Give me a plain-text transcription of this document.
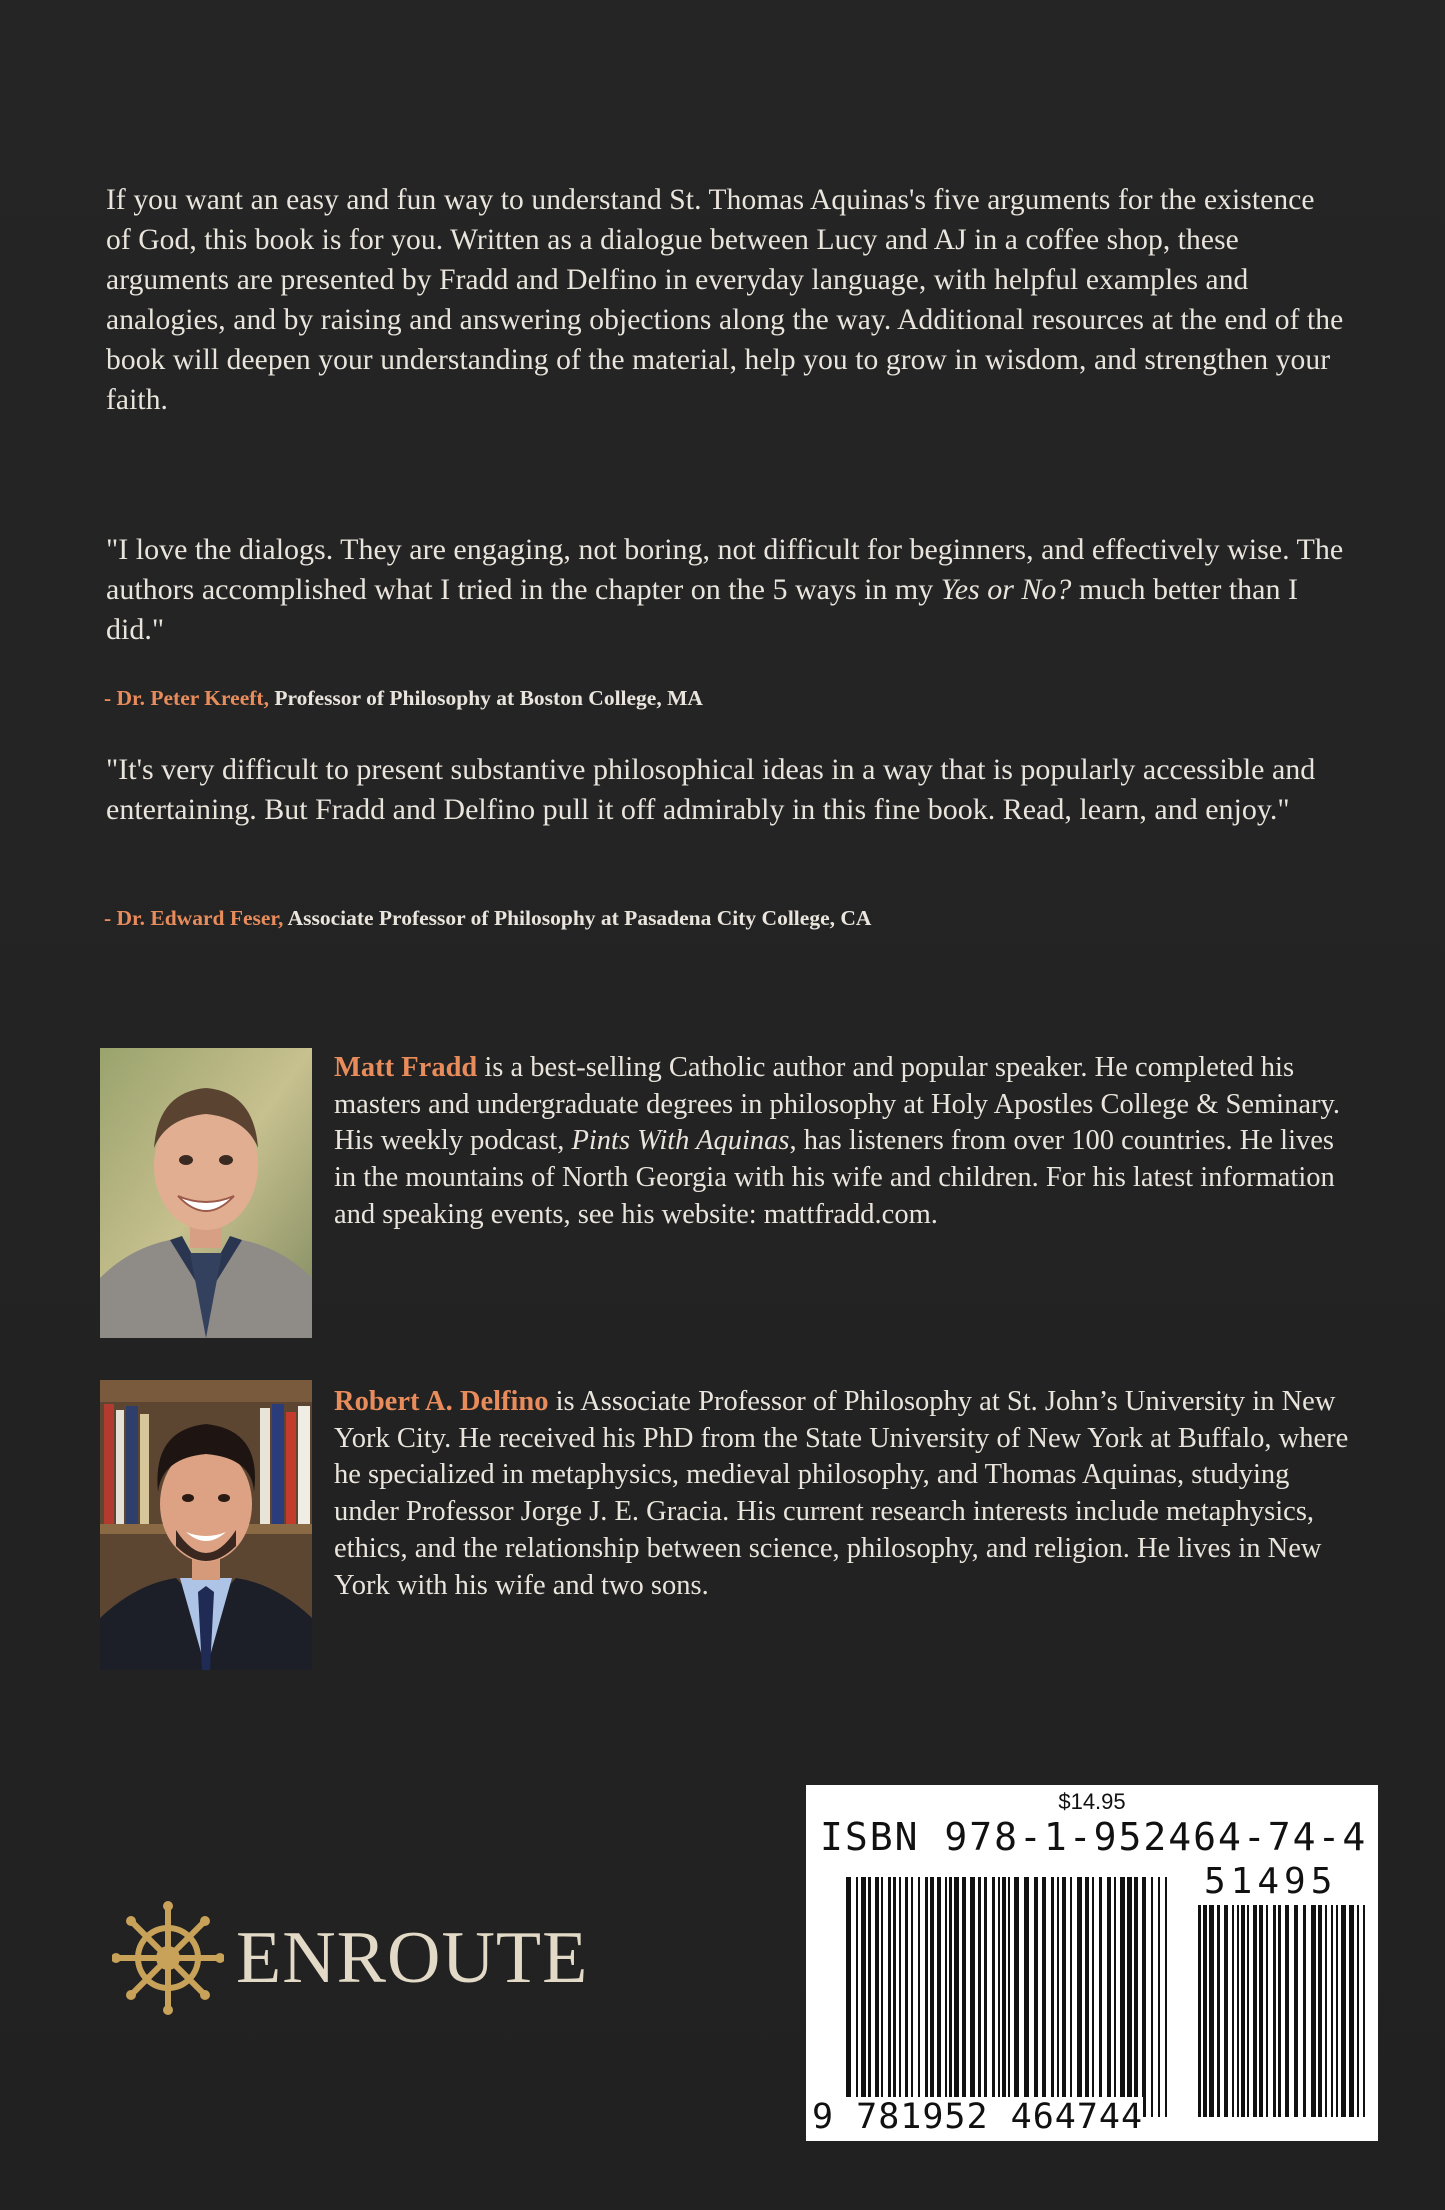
If you want an easy and fun way to understand St. Thomas Aquinas's five arguments for the existence of God, this book is for you. Written as a dialogue between Lucy and AJ in a coffee shop, these arguments are presented by Fradd and Delfino in everyday language, with helpful examples and analogies, and by raising and answering objections along the way. Additional resources at the end of the book will deepen your understanding of the material, help you to grow in wisdom, and strengthen your faith.

"I love the dialogs. They are engaging, not boring, not difficult for beginners, and effectively wise. The authors accomplished what I tried in the chapter on the 5 ways in my Yes or No? much better than I did."

- Dr. Peter Kreeft, Professor of Philosophy at Boston College, MA

"It's very difficult to present substantive philosophical ideas in a way that is popularly accessible and entertaining. But Fradd and Delfino pull it off admirably in this fine book. Read, learn, and enjoy."

- Dr. Edward Feser, Associate Professor of Philosophy at Pasadena City College, CA

Matt Fradd is a best-selling Catholic author and popular speaker. He completed his masters and undergraduate degrees in philosophy at Holy Apostles College & Seminary. His weekly podcast, Pints With Aquinas, has listeners from over 100 countries. He lives in the mountains of North Georgia with his wife and children. For his latest information and speaking events, see his website: mattfradd.com.

Robert A. Delfino is Associate Professor of Philosophy at St. John’s University in New York City. He received his PhD from the State University of New York at Buffalo, where he specialized in metaphysics, medieval philosophy, and Thomas Aquinas, studying under Professor Jorge J. E. Gracia. His current research interests include metaphysics, ethics, and the relationship between science, philosophy, and religion. He lives in New York with his wife and two sons.

ENROUTE
$14.95
ISBN 978-1-952464-74-4
51495
9 781952 464744
